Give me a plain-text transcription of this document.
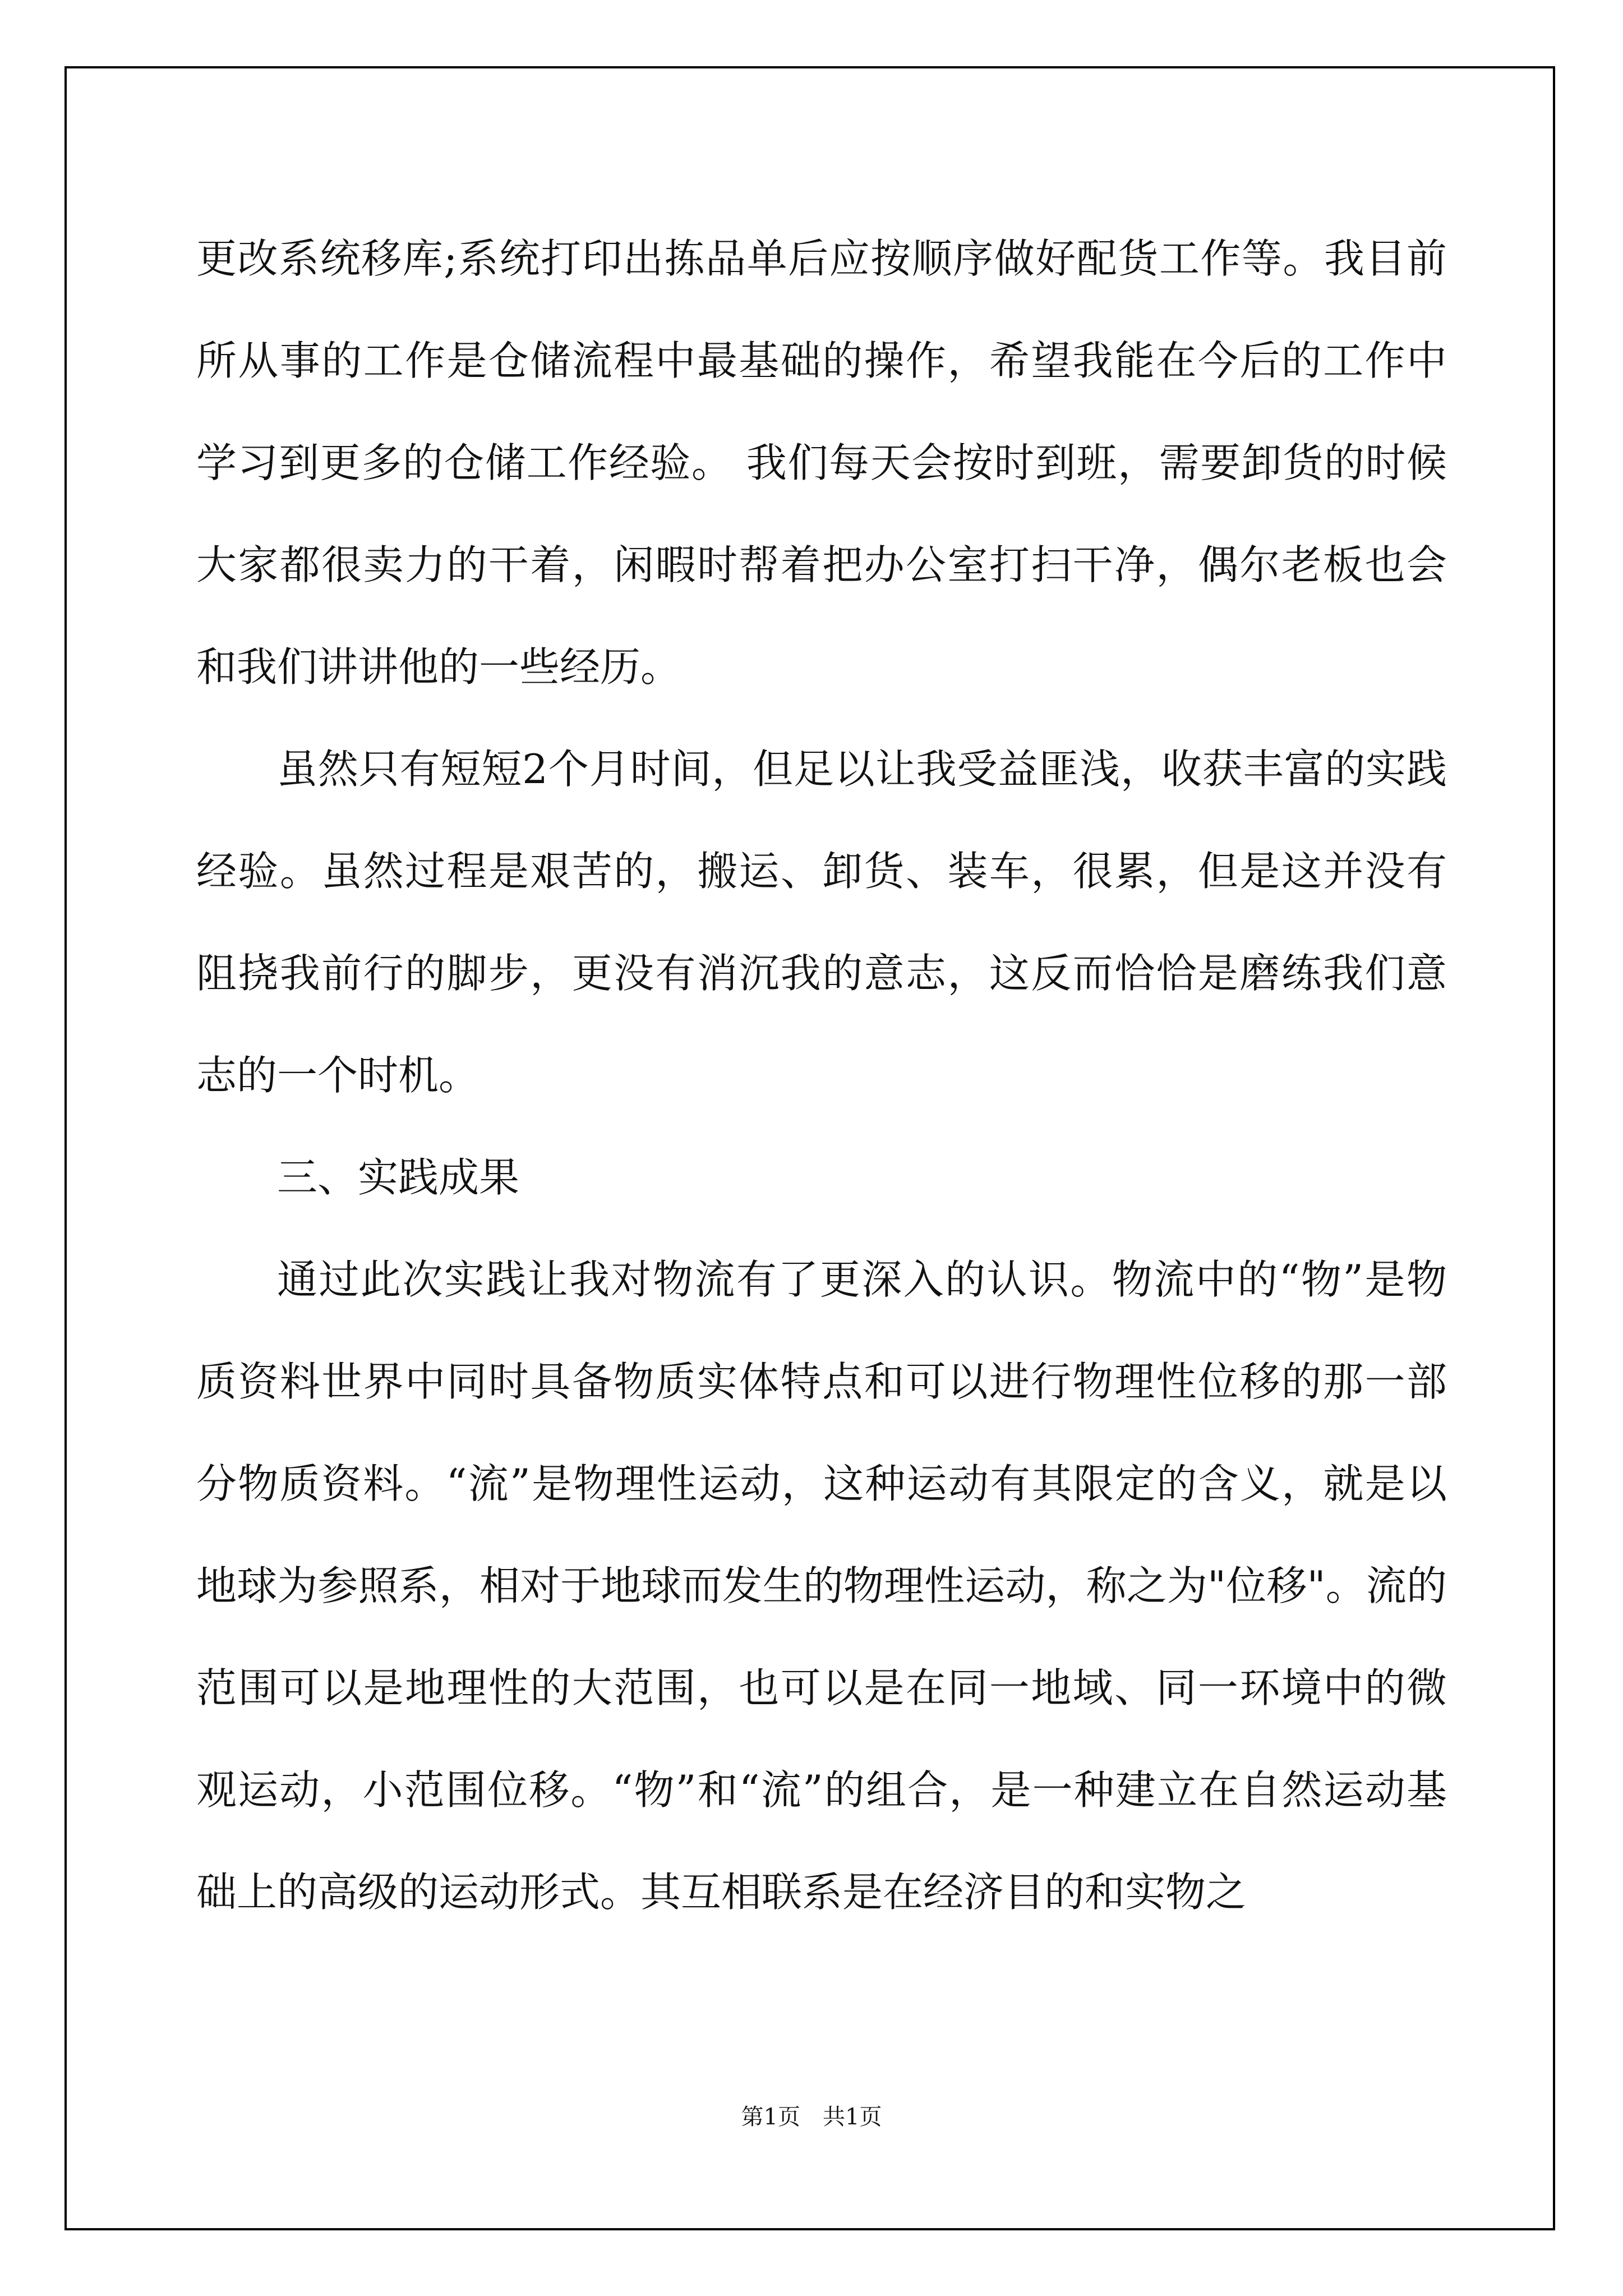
更改系统移库;系统打印出拣品单后应按顺序做好配货工作等。我目前所从事的工作是仓储流程中最基础的操作，希望我能在今后的工作中学习到更多的仓储工作经验。 我们每天会按时到班，需要卸货的时候大家都很卖力的干着，闲暇时帮着把办公室打扫干净，偶尔老板也会和我们讲讲他的一些经历。

虽然只有短短2个月时间，但足以让我受益匪浅，收获丰富的实践经验。虽然过程是艰苦的，搬运、卸货、装车，很累，但是这并没有阻挠我前行的脚步，更没有消沉我的意志，这反而恰恰是磨练我们意志的一个时机。

三、实践成果

通过此次实践让我对物流有了更深入的认识。物流中的“物”是物质资料世界中同时具备物质实体特点和可以进行物理性位移的那一部分物质资料。“流”是物理性运动，这种运动有其限定的含义，就是以地球为参照系，相对于地球而发生的物理性运动，称之为"位移"。流的范围可以是地理性的大范围，也可以是在同一地域、同一环境中的微观运动，小范围位移。“物”和“流”的组合，是一种建立在自然运动基础上的高级的运动形式。其互相联系是在经济目的和实物之

第1页　共1页
